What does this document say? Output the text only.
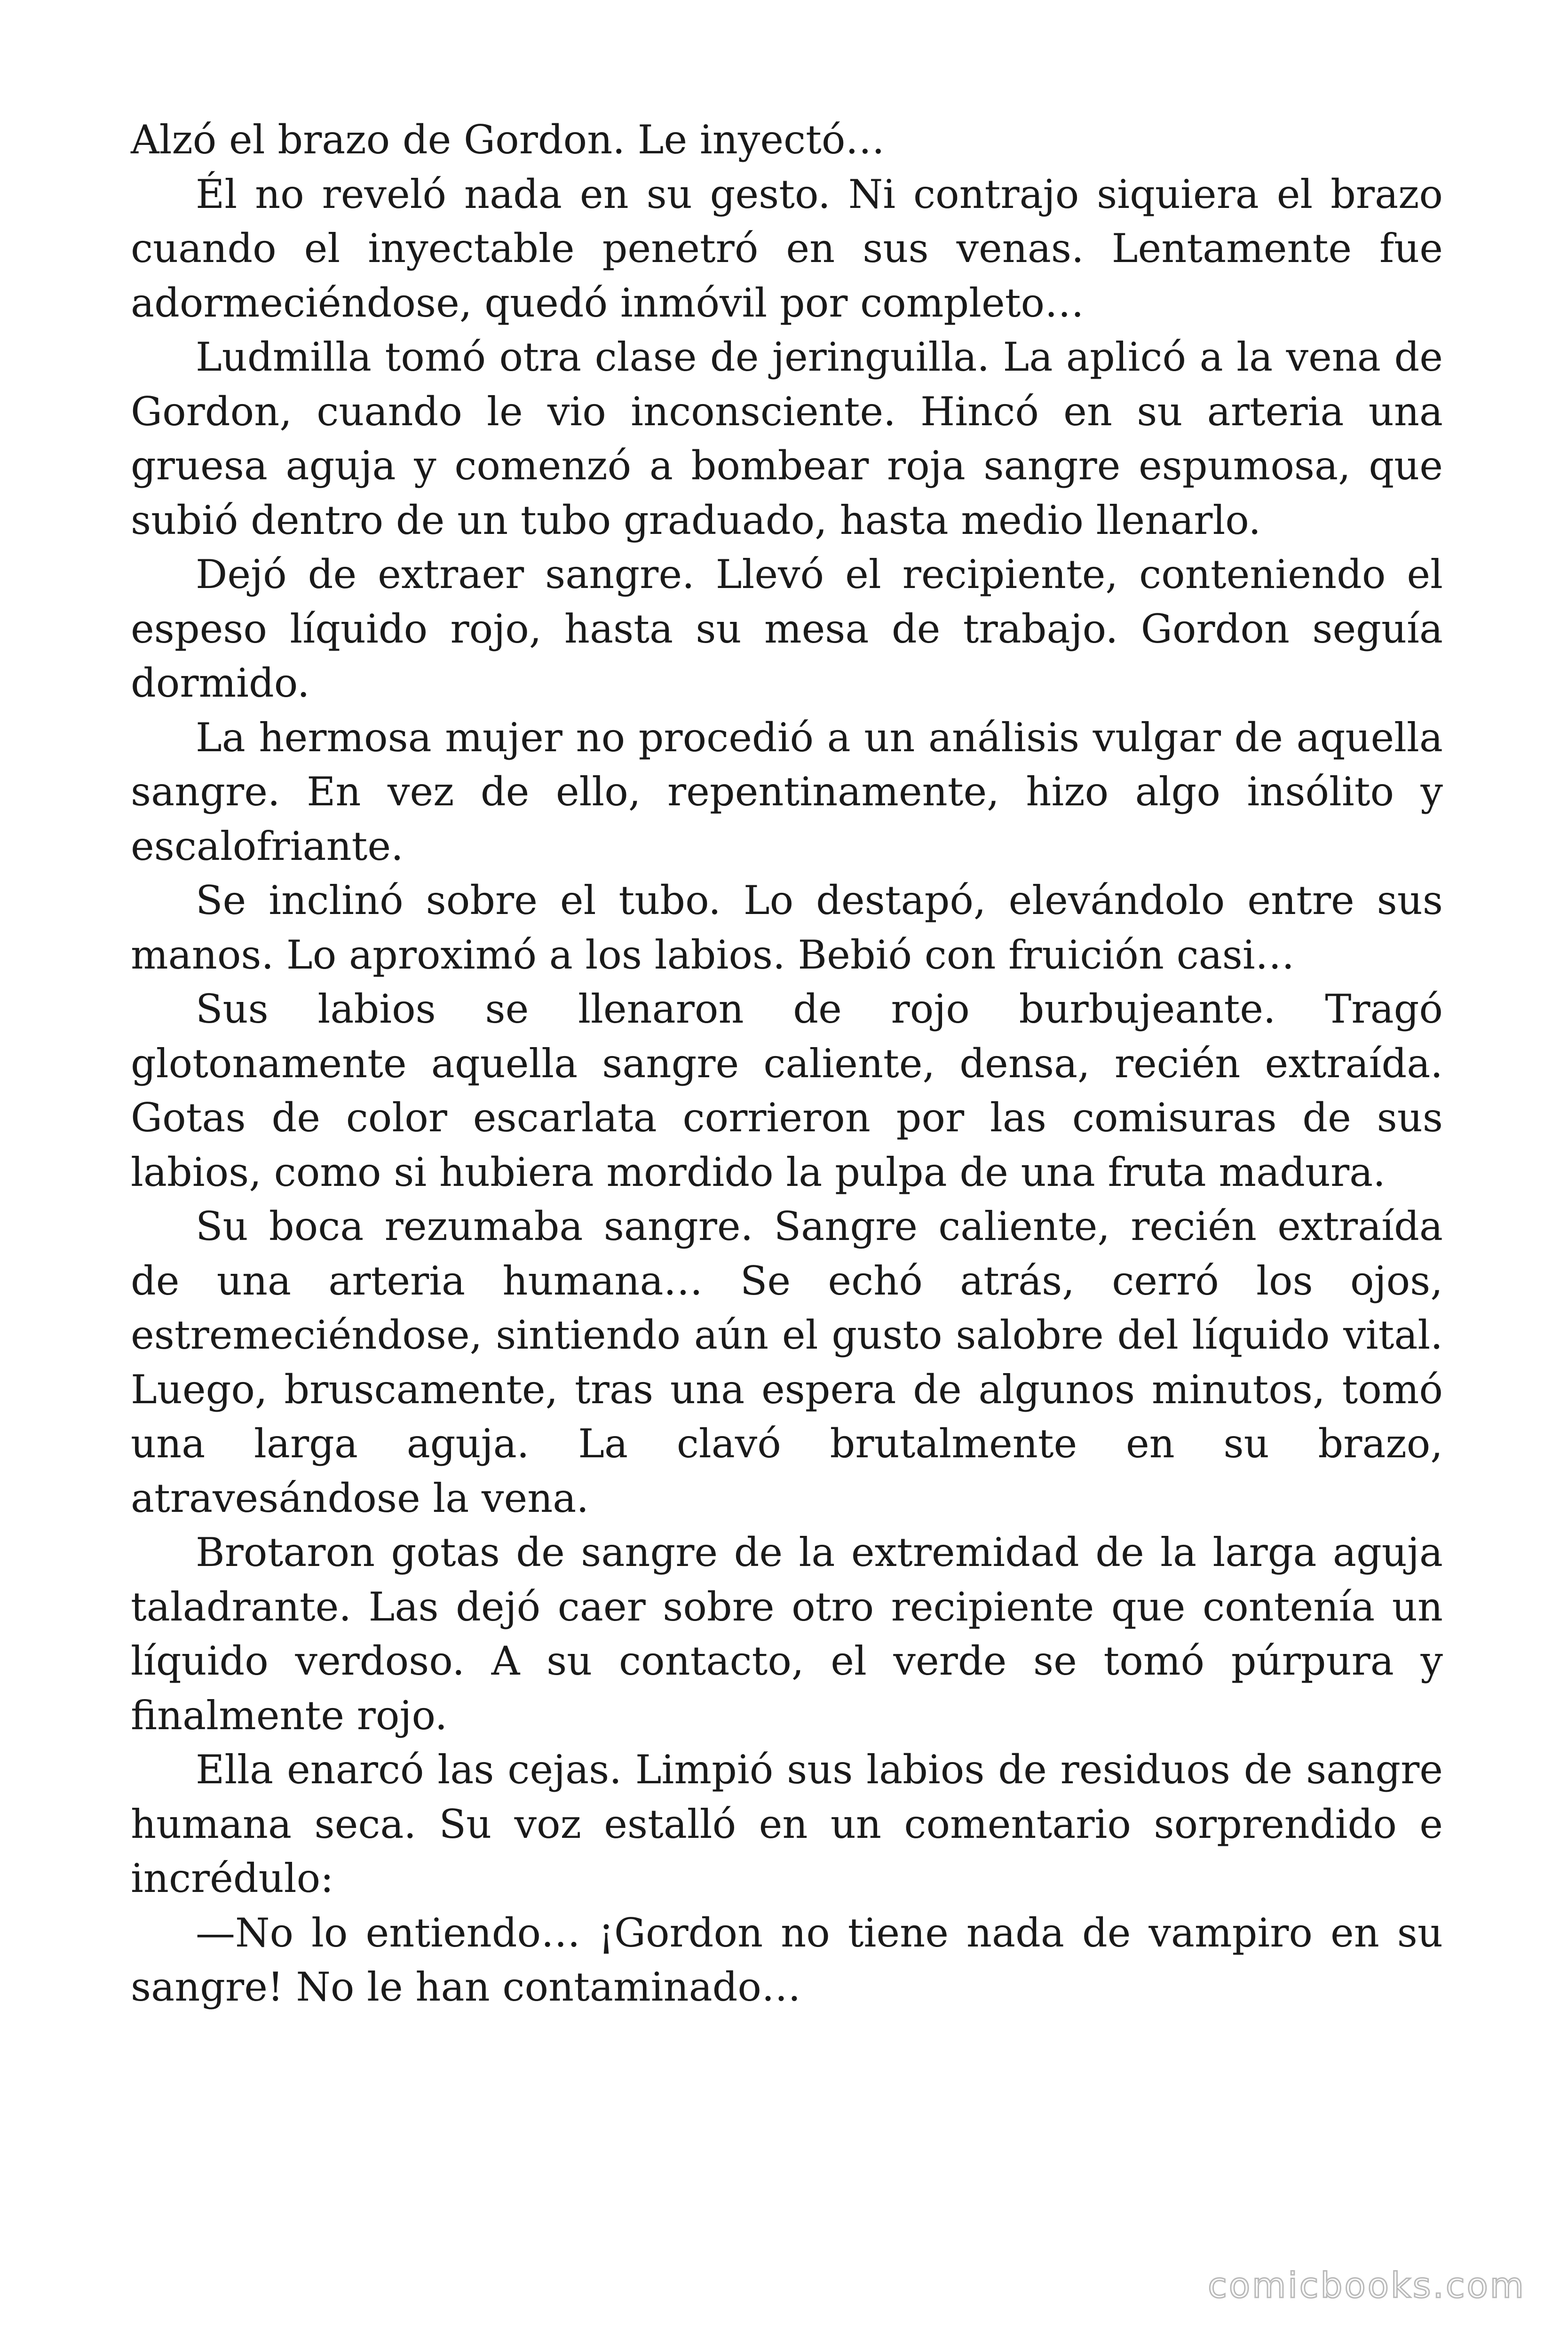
Alzó el brazo de Gordon. Le inyectó…

Él no reveló nada en su gesto. Ni contrajo siquiera el brazo cuando el inyectable penetró en sus venas. Lentamente fue adormeciéndose, quedó inmóvil por completo…

Ludmilla tomó otra clase de jeringuilla. La aplicó a la vena de Gordon, cuando le vio inconsciente. Hincó en su arteria una gruesa aguja y comenzó a bombear roja sangre espumosa, que subió dentro de un tubo graduado, hasta medio llenarlo.

Dejó de extraer sangre. Llevó el recipiente, conteniendo el espeso líquido rojo, hasta su mesa de trabajo. Gordon seguía dormido.

La hermosa mujer no procedió a un análisis vulgar de aquella sangre. En vez de ello, repentinamente, hizo algo insólito y escalofriante.

Se inclinó sobre el tubo. Lo destapó, elevándolo entre sus manos. Lo aproximó a los labios. Bebió con fruición casi…

Sus labios se llenaron de rojo burbujeante. Tragó glotonamente aquella sangre caliente, densa, recién extraída. Gotas de color escarlata corrieron por las comisuras de sus labios, como si hubiera mordido la pulpa de una fruta madura.

Su boca rezumaba sangre. Sangre caliente, recién extraída de una arteria humana… Se echó atrás, cerró los ojos, estremeciéndose, sintiendo aún el gusto salobre del líquido vital. Luego, bruscamente, tras una espera de algunos minutos, tomó una larga aguja. La clavó brutalmente en su brazo, atravesándose la vena.

Brotaron gotas de sangre de la extremidad de la larga aguja taladrante. Las dejó caer sobre otro recipiente que contenía un líquido verdoso. A su contacto, el verde se tomó púrpura y finalmente rojo.

Ella enarcó las cejas. Limpió sus labios de residuos de sangre humana seca. Su voz estalló en un comentario sorprendido e incrédulo:

—No lo entiendo… ¡Gordon no tiene nada de vampiro en su sangre! No le han contaminado…

comicbooks.com
